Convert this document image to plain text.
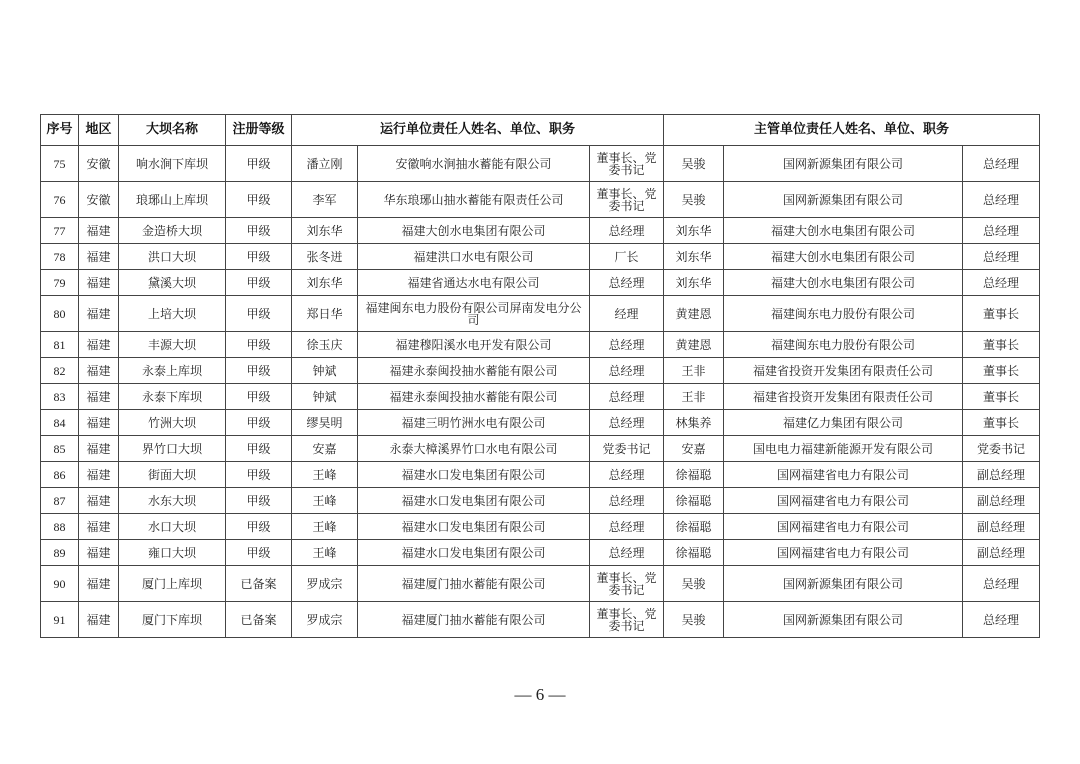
序号	地区	大坝名称	注册等级	运行单位责任人姓名、单位、职务			主管单位责任人姓名、单位、职务		
75	安徽	响水涧下库坝	甲级	潘立刚	安徽响水涧抽水蓄能有限公司	董事长、党委书记	吴骏	国网新源集团有限公司	总经理
76	安徽	琅琊山上库坝	甲级	李军	华东琅琊山抽水蓄能有限责任公司	董事长、党委书记	吴骏	国网新源集团有限公司	总经理
77	福建	金造桥大坝	甲级	刘东华	福建大创水电集团有限公司	总经理	刘东华	福建大创水电集团有限公司	总经理
78	福建	洪口大坝	甲级	张冬迸	福建洪口水电有限公司	厂长	刘东华	福建大创水电集团有限公司	总经理
79	福建	黛溪大坝	甲级	刘东华	福建省通达水电有限公司	总经理	刘东华	福建大创水电集团有限公司	总经理
80	福建	上培大坝	甲级	郑日华	福建闽东电力股份有限公司屏南发电分公司	经理	黄建恩	福建闽东电力股份有限公司	董事长
81	福建	丰源大坝	甲级	徐玉庆	福建穆阳溪水电开发有限公司	总经理	黄建恩	福建闽东电力股份有限公司	董事长
82	福建	永泰上库坝	甲级	钟斌	福建永泰闽投抽水蓄能有限公司	总经理	王非	福建省投资开发集团有限责任公司	董事长
83	福建	永泰下库坝	甲级	钟斌	福建永泰闽投抽水蓄能有限公司	总经理	王非	福建省投资开发集团有限责任公司	董事长
84	福建	竹洲大坝	甲级	缪昊明	福建三明竹洲水电有限公司	总经理	林集养	福建亿力集团有限公司	董事长
85	福建	界竹口大坝	甲级	安嘉	永泰大樟溪界竹口水电有限公司	党委书记	安嘉	国电电力福建新能源开发有限公司	党委书记
86	福建	街面大坝	甲级	王峰	福建水口发电集团有限公司	总经理	徐福聪	国网福建省电力有限公司	副总经理
87	福建	水东大坝	甲级	王峰	福建水口发电集团有限公司	总经理	徐福聪	国网福建省电力有限公司	副总经理
88	福建	水口大坝	甲级	王峰	福建水口发电集团有限公司	总经理	徐福聪	国网福建省电力有限公司	副总经理
89	福建	雍口大坝	甲级	王峰	福建水口发电集团有限公司	总经理	徐福聪	国网福建省电力有限公司	副总经理
90	福建	厦门上库坝	已备案	罗成宗	福建厦门抽水蓄能有限公司	董事长、党委书记	吴骏	国网新源集团有限公司	总经理
91	福建	厦门下库坝	已备案	罗成宗	福建厦门抽水蓄能有限公司	董事长、党委书记	吴骏	国网新源集团有限公司	总经理
— 6 —
